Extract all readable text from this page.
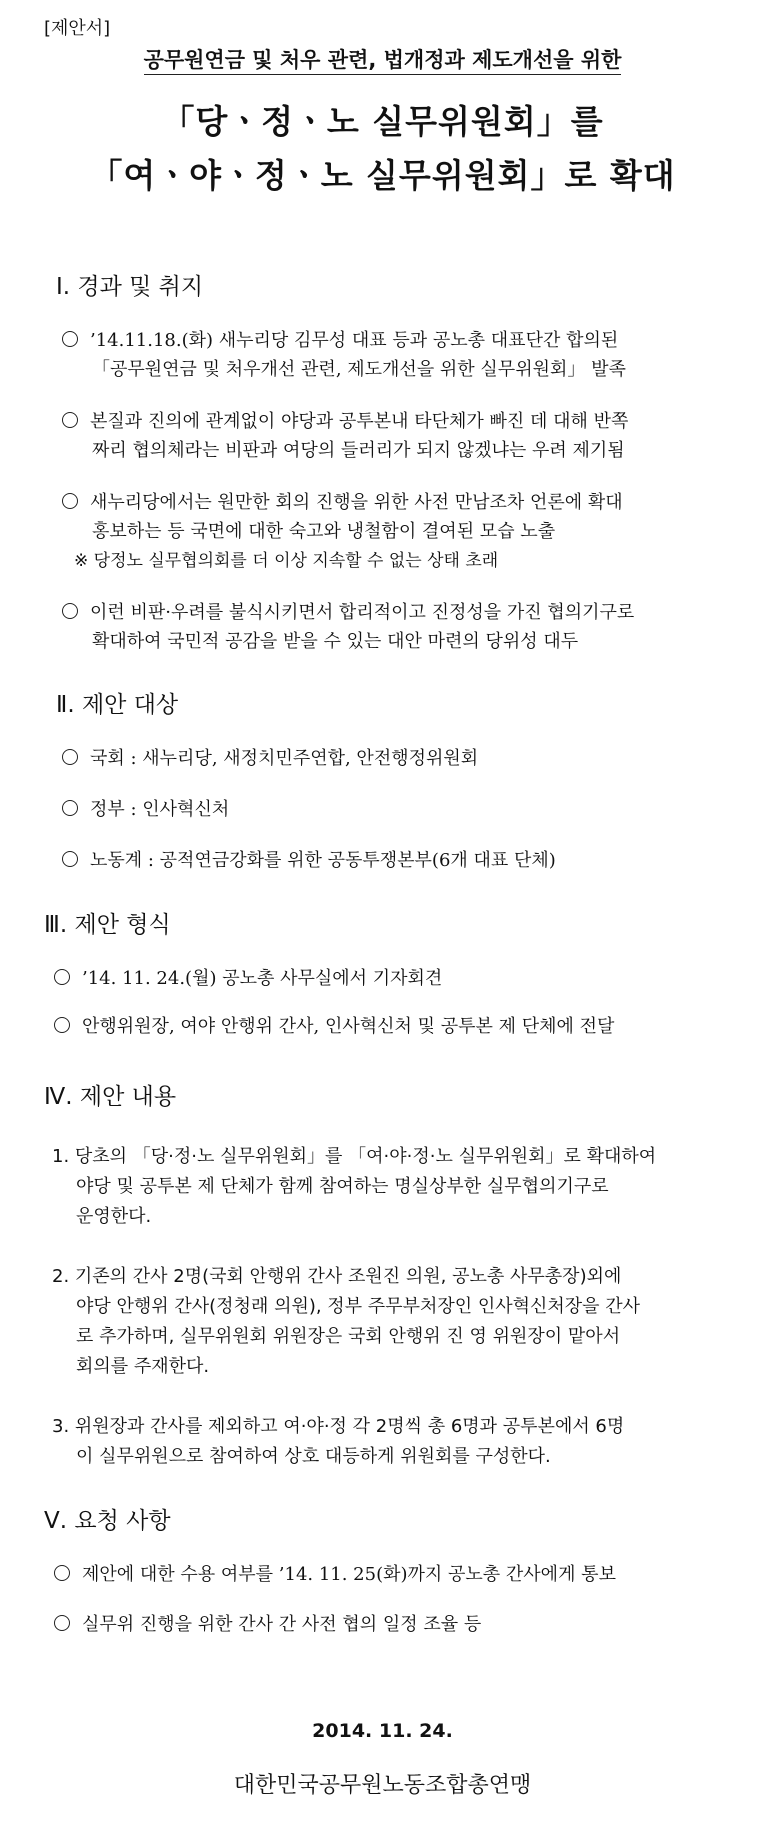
[제안서]
공무원연금 및 처우 관련, 법개정과 제도개선을 위한
「당ㆍ정ㆍ노 실무위원회」를
「여ㆍ야ㆍ정ㆍ노 실무위원회」로 확대
Ⅰ. 경과 및 취지
’14.11.18.(화) 새누리당 김무성 대표 등과 공노총 대표단간 합의된
「공무원연금 및 처우개선 관련, 제도개선을 위한 실무위원회」 발족
본질과 진의에 관계없이 야당과 공투본내 타단체가 빠진 데 대해 반쪽
짜리 협의체라는 비판과 여당의 들러리가 되지 않겠냐는 우려 제기됨
새누리당에서는 원만한 회의 진행을 위한 사전 만남조차 언론에 확대
홍보하는 등 국면에 대한 숙고와 냉철함이 결여된 모습 노출
※ 당정노 실무협의회를 더 이상 지속할 수 없는 상태 초래
이런 비판·우려를 불식시키면서 합리적이고 진정성을 가진 협의기구로
확대하여 국민적 공감을 받을 수 있는 대안 마련의 당위성 대두
Ⅱ. 제안 대상
국회 : 새누리당, 새정치민주연합, 안전행정위원회
정부 : 인사혁신처
노동계 : 공적연금강화를 위한 공동투쟁본부(6개 대표 단체)
Ⅲ. 제안 형식
’14. 11. 24.(월) 공노총 사무실에서 기자회견
안행위원장, 여야 안행위 간사, 인사혁신처 및 공투본 제 단체에 전달
Ⅳ. 제안 내용
1. 당초의 「당·정·노 실무위원회」를 「여·야·정·노 실무위원회」로 확대하여
야당 및 공투본 제 단체가 함께 참여하는 명실상부한 실무협의기구로
운영한다.
2. 기존의 간사 2명(국회 안행위 간사 조원진 의원, 공노총 사무총장)외에
야당 안행위 간사(정청래 의원), 정부 주무부처장인 인사혁신처장을 간사
로 추가하며, 실무위원회 위원장은 국회 안행위 진 영 위원장이 맡아서
회의를 주재한다.
3. 위원장과 간사를 제외하고 여·야·정 각 2명씩 총 6명과 공투본에서 6명
이 실무위원으로 참여하여 상호 대등하게 위원회를 구성한다.
Ⅴ. 요청 사항
제안에 대한 수용 여부를 ’14. 11. 25(화)까지 공노총 간사에게 통보
실무위 진행을 위한 간사 간 사전 협의 일정 조율 등
2014. 11. 24.
대한민국공무원노동조합총연맹
